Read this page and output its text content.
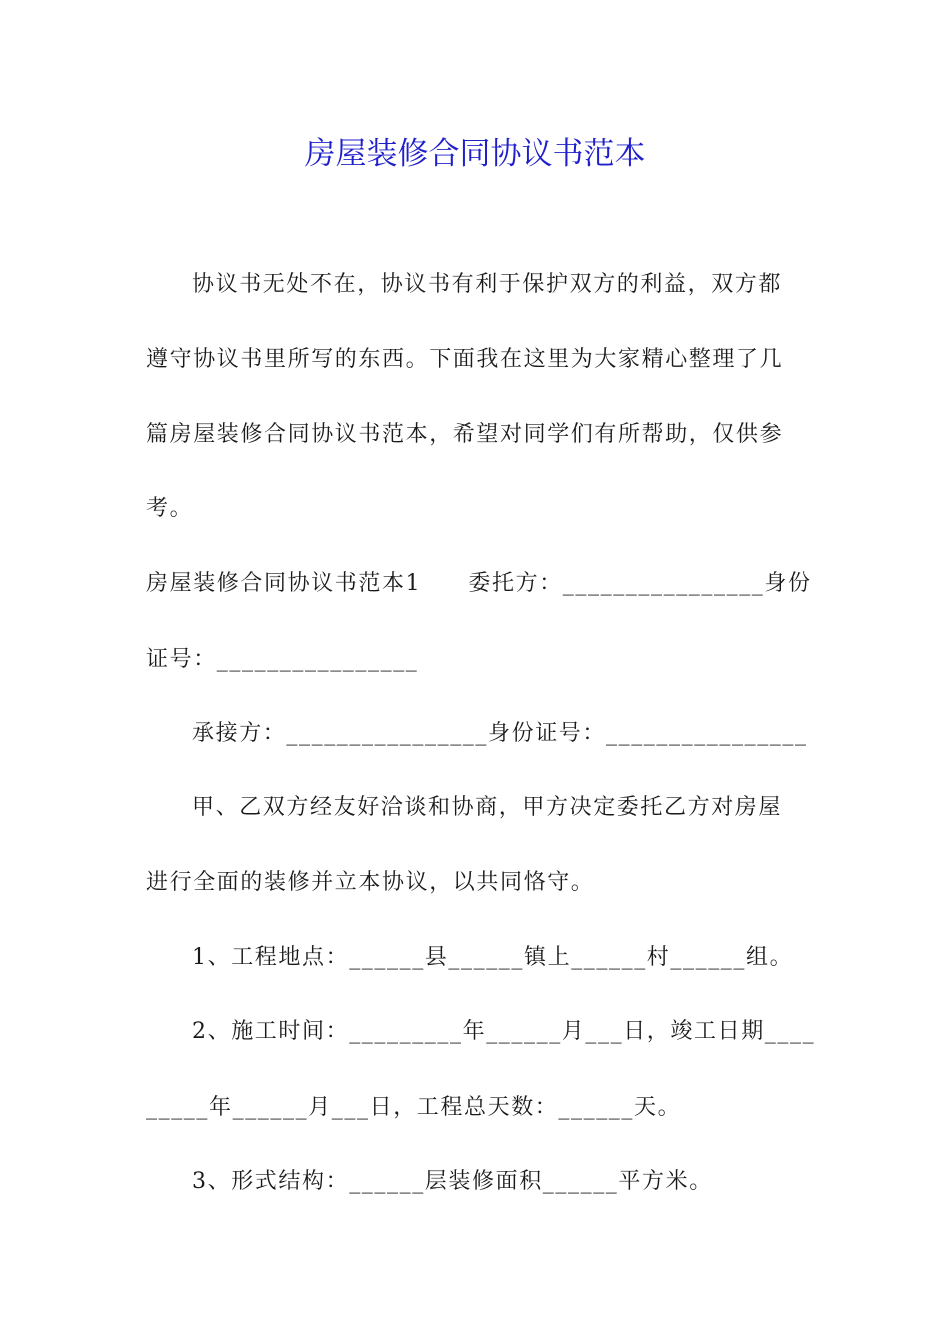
房屋装修合同协议书范本
协议书无处不在，协议书有利于保护双方的利益，双方都
遵守协议书里所写的东西。下面我在这里为大家精心整理了几
篇房屋装修合同协议书范本，希望对同学们有所帮助，仅供参
考。
房屋装修合同协议书范本1　　委托方：________________身份
证号：________________
承接方：________________身份证号：________________
甲、乙双方经友好洽谈和协商，甲方决定委托乙方对房屋
进行全面的装修并立本协议，以共同恪守。
1、工程地点：______县______镇上______村______组。
2、施工时间：_________年______月___日，竣工日期____
_____年______月___日，工程总天数：______天。
3、形式结构：______层装修面积______平方米。
